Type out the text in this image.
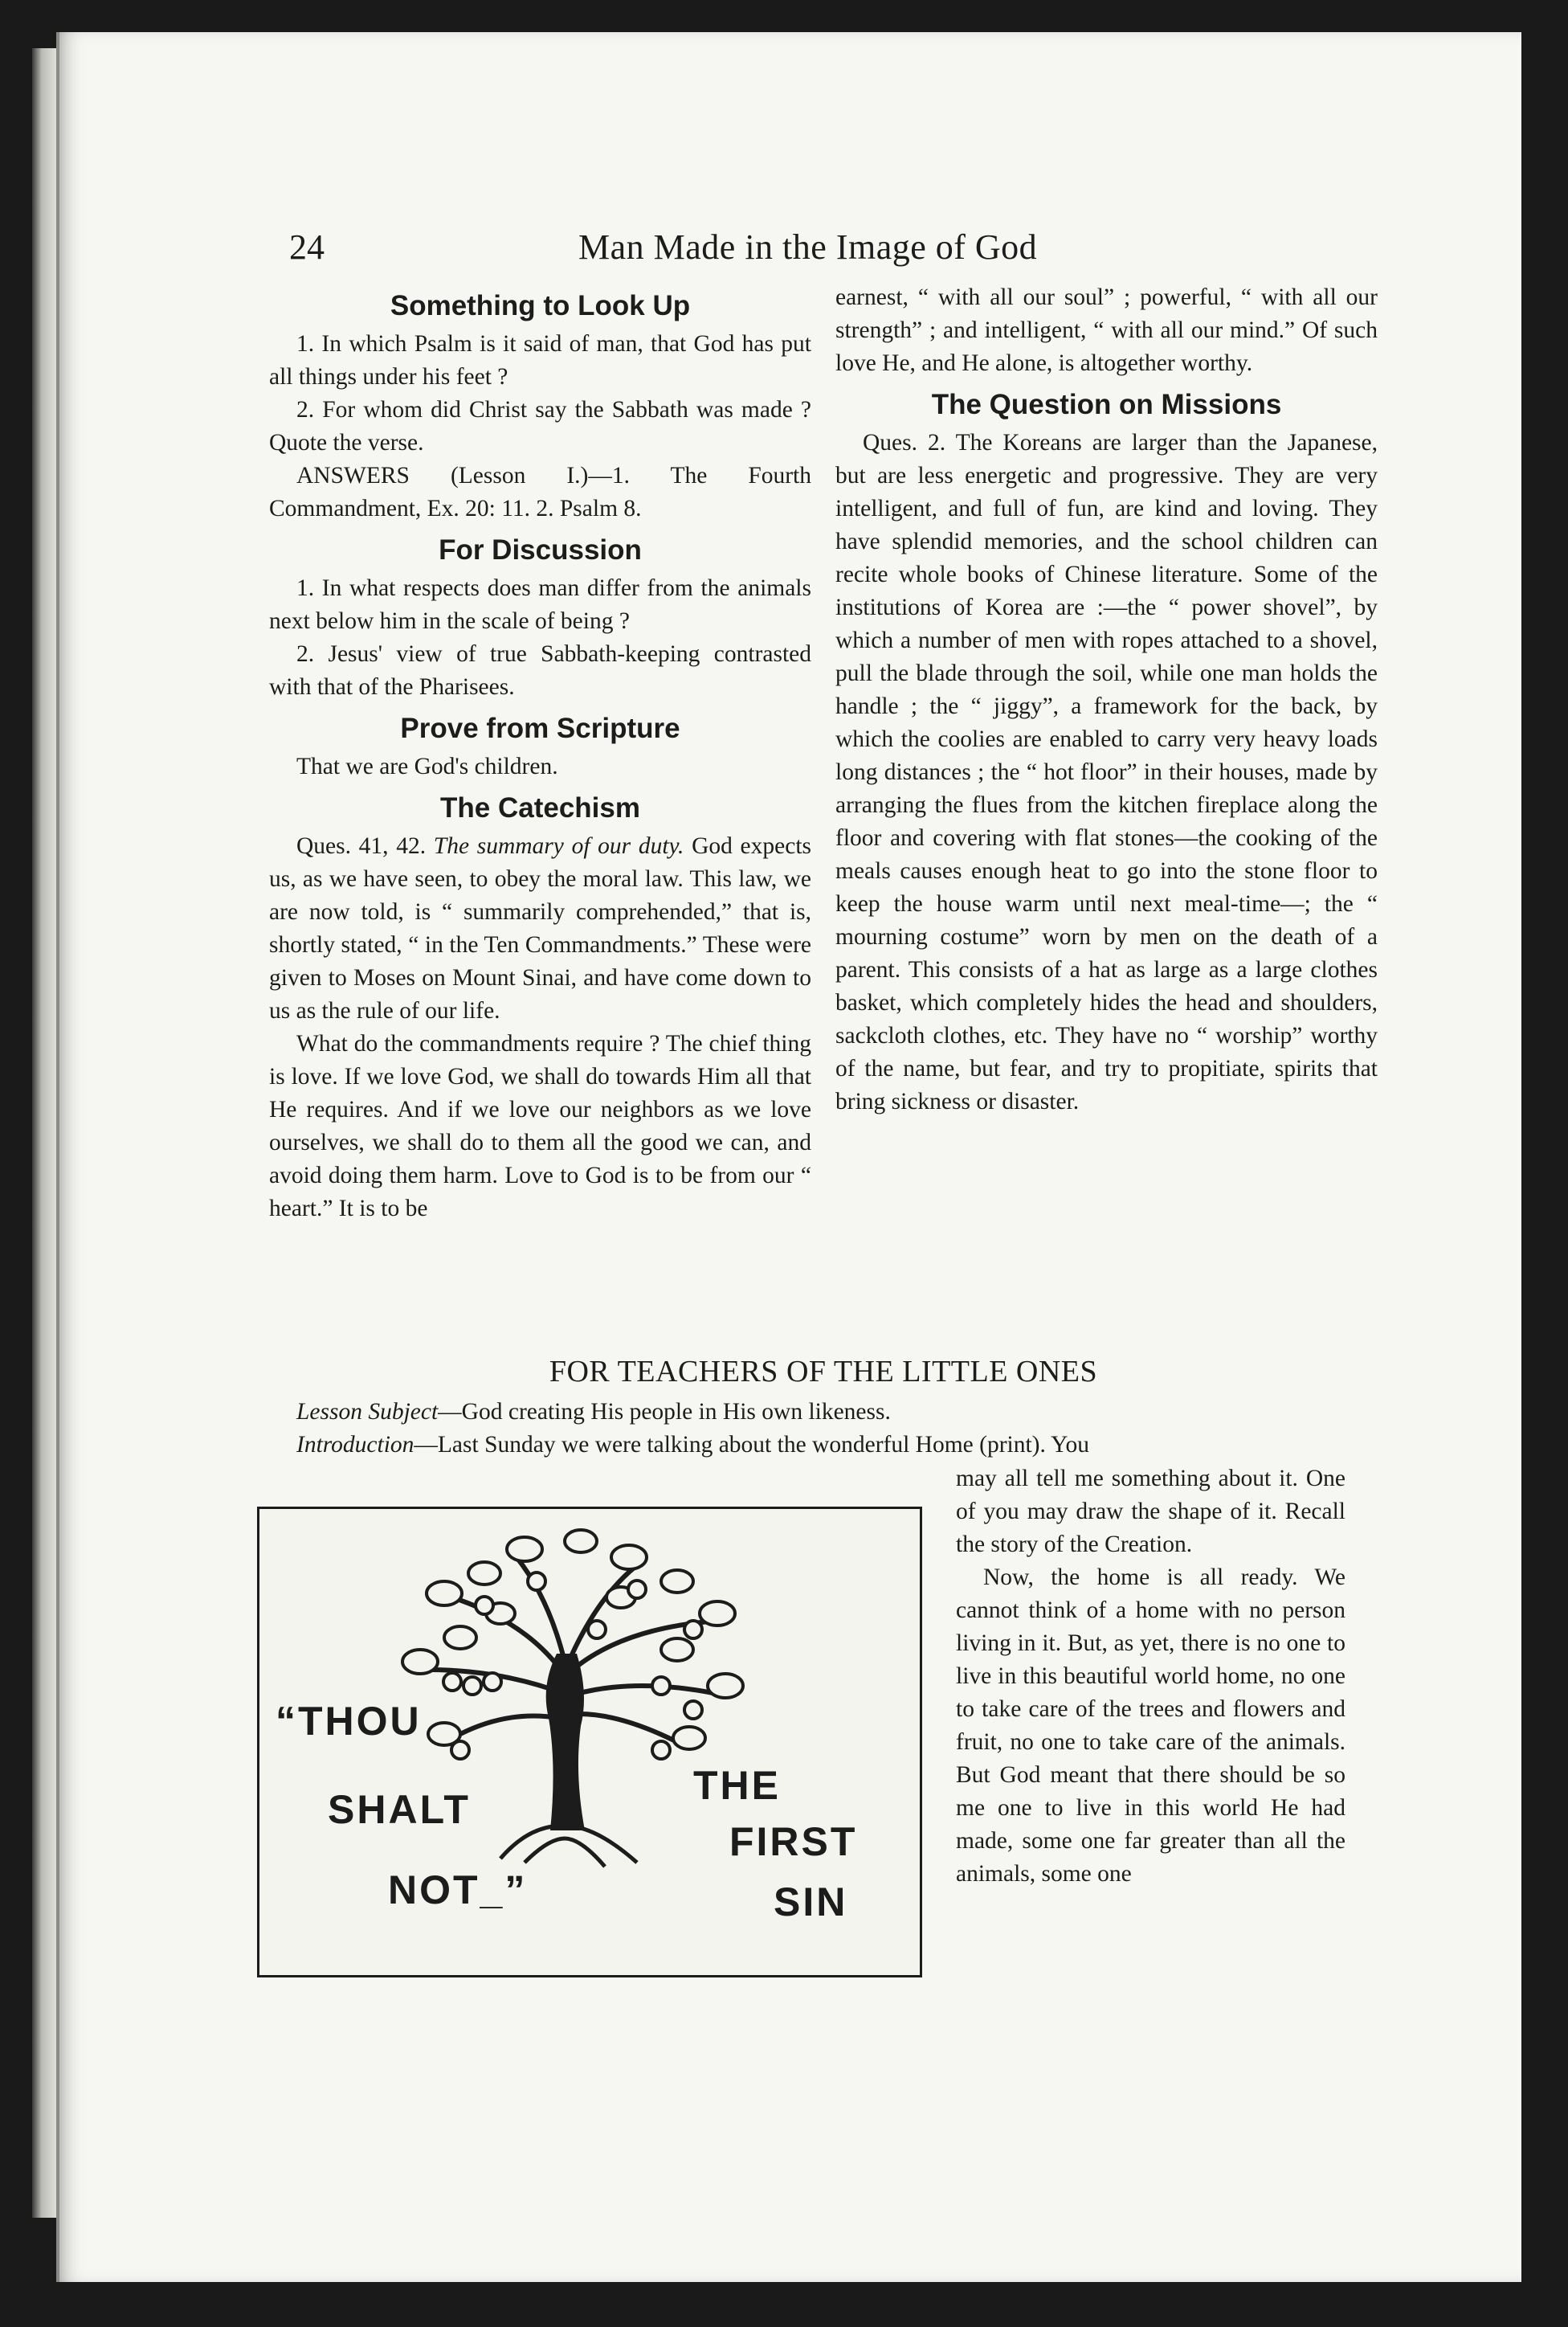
24	Man Made in the Image of God
Something to Look Up

1. In which Psalm is it said of man, that God has put all things under his feet ?

2. For whom did Christ say the Sabbath was made ? Quote the verse.

ANSWERS (Lesson I.)—1. The Fourth Commandment, Ex. 20: 11. 2. Psalm 8.

For Discussion

1. In what respects does man differ from the animals next below him in the scale of being ?

2. Jesus' view of true Sabbath-keeping contrasted with that of the Pharisees.

Prove from Scripture

That we are God's children.

The Catechism

Ques. 41, 42. The summary of our duty. God expects us, as we have seen, to obey the moral law. This law, we are now told, is “ summarily comprehended,” that is, shortly stated, “ in the Ten Commandments.” These were given to Moses on Mount Sinai, and have come down to us as the rule of our life.

What do the commandments require ? The chief thing is love. If we love God, we shall do towards Him all that He requires. And if we love our neighbors as we love ourselves, we shall do to them all the good we can, and avoid doing them harm. Love to God is to be from our “ heart.” It is to be

earnest, “ with all our soul” ; powerful, “ with all our strength” ; and intelligent, “ with all our mind.” Of such love He, and He alone, is altogether worthy.

The Question on Missions

Ques. 2. The Koreans are larger than the Japanese, but are less energetic and progressive. They are very intelligent, and full of fun, are kind and loving. They have splendid memories, and the school children can recite whole books of Chinese literature. Some of the institutions of Korea are :—the “ power shovel”, by which a number of men with ropes attached to a shovel, pull the blade through the soil, while one man holds the handle ; the “ jiggy”, a framework for the back, by which the coolies are enabled to carry very heavy loads long distances ; the “ hot floor” in their houses, made by arranging the flues from the kitchen fireplace along the floor and covering with flat stones—the cooking of the meals causes enough heat to go into the stone floor to keep the house warm until next meal-time—; the “ mourning costume” worn by men on the death of a parent. This consists of a hat as large as a large clothes basket, which completely hides the head and shoulders, sackcloth clothes, etc. They have no “ worship” worthy of the name, but fear, and try to propitiate, spirits that bring sickness or disaster.

FOR TEACHERS OF THE LITTLE ONES

Lesson Subject—God creating His people in His own likeness.

Introduction—Last Sunday we were talking about the wonderful Home (print). You

may all tell me something about it. One of you may draw the shape of it. Recall the story of the Creation.

Now, the home is all ready. We cannot think of a home with no person living in it. But, as yet, there is no one to live in this beautiful world home, no one to take care of the trees and flowers and fruit, no one to take care of the animals. But God meant that there should be so me one to live in this world He had made, some one far greater than all the animals, some one

“THOU
SHALT
NOT_”
THE
FIRST
SIN
